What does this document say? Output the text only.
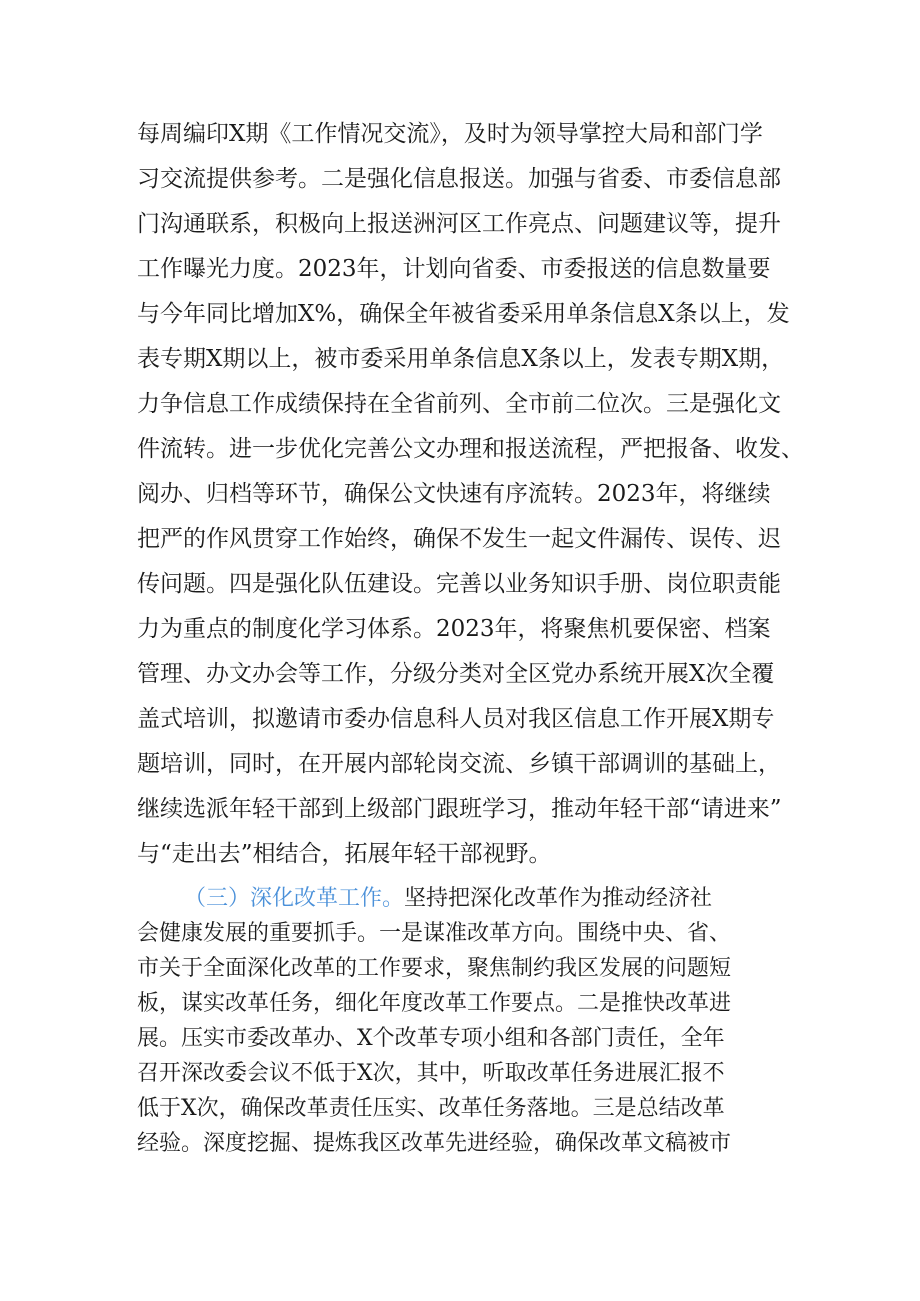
每周编印X期《工作情况交流》，及时为领导掌控大局和部门学
习交流提供参考。二是强化信息报送。加强与省委、市委信息部
门沟通联系，积极向上报送洲河区工作亮点、问题建议等，提升
工作曝光力度。2023年，计划向省委、市委报送的信息数量要
与今年同比增加X%，确保全年被省委采用单条信息X条以上，发
表专期X期以上，被市委采用单条信息X条以上，发表专期X期，
力争信息工作成绩保持在全省前列、全市前二位次。三是强化文
件流转。进一步优化完善公文办理和报送流程，严把报备、收发、
阅办、归档等环节，确保公文快速有序流转。2023年，将继续
把严的作风贯穿工作始终，确保不发生一起文件漏传、误传、迟
传问题。四是强化队伍建设。完善以业务知识手册、岗位职责能
力为重点的制度化学习体系。2023年，将聚焦机要保密、档案
管理、办文办会等工作，分级分类对全区党办系统开展X次全覆
盖式培训，拟邀请市委办信息科人员对我区信息工作开展X期专
题培训，同时，在开展内部轮岗交流、乡镇干部调训的基础上，
继续选派年轻干部到上级部门跟班学习，推动年轻干部“请进来”
与“走出去”相结合，拓展年轻干部视野。
（三）深化改革工作。坚持把深化改革作为推动经济社
会健康发展的重要抓手。一是谋准改革方向。围绕中央、省、
市关于全面深化改革的工作要求，聚焦制约我区发展的问题短
板，谋实改革任务，细化年度改革工作要点。二是推快改革进
展。压实市委改革办、X个改革专项小组和各部门责任，全年
召开深改委会议不低于X次，其中，听取改革任务进展汇报不
低于X次，确保改革责任压实、改革任务落地。三是总结改革
经验。深度挖掘、提炼我区改革先进经验，确保改革文稿被市
